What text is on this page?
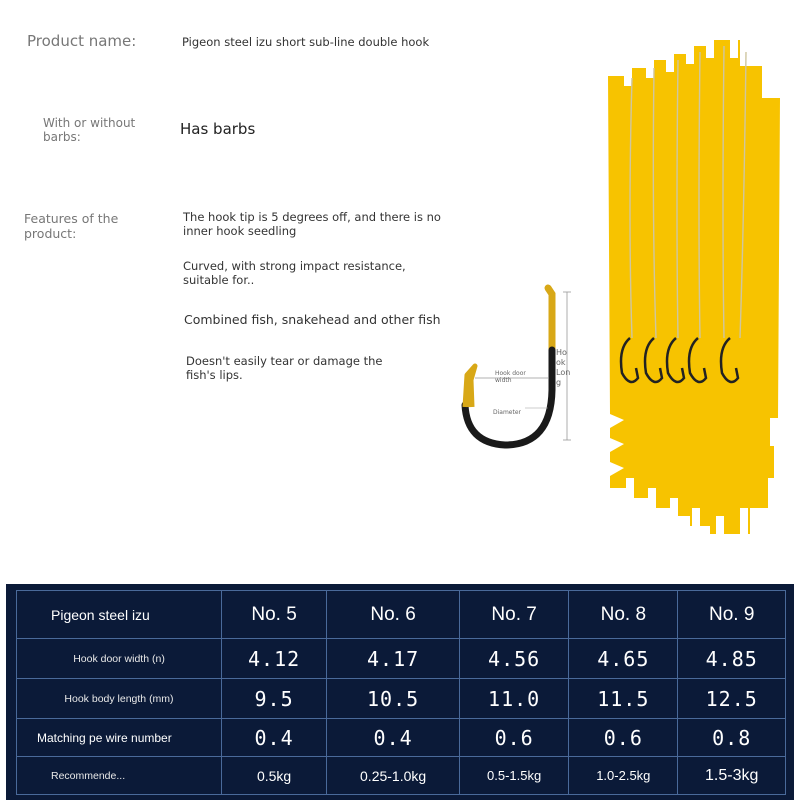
Product name:	Pigeon steel izu short sub-line double hook
With or without barbs:	Has barbs
Features of the product:
The hook tip is 5 degrees off, and there is no inner hook seedling
Curved, with strong impact resistance, suitable for..
Combined fish, snakehead and other fish
Doesn't easily tear or damage the fish's lips.	Hook door
width
Diameter
Ho
ok
Lon
g
Pigeon steel izu	No. 5	No. 6	No. 7	No. 8	No. 9
Hook door width (n)	4.12	4.17	4.56	4.65	4.85
Hook body length (mm)	9.5	10.5	11.0	11.5	12.5
Matching pe wire number	0.4	0.4	0.6	0.6	0.8
Recommende...	0.5kg	0.25-1.0kg	0.5-1.5kg	1.0-2.5kg	1.5-3kg
